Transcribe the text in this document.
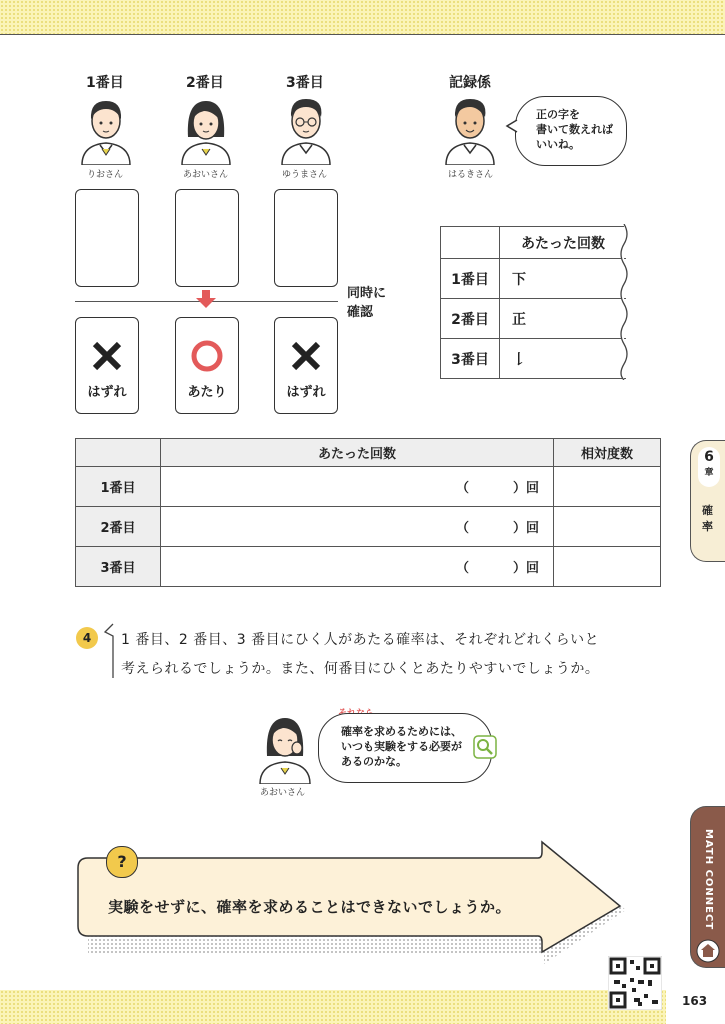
1番目	2番目	3番目	記録係
りおさん	あおいさん	ゆうまさん	はるきさん
正の字を
書いて数えれば
いいね。
同時に
確認
はずれ	あたり	はずれ
	あたった回数
1番目	下
2番目	正
3番目	𠄌
	あたった回数	相対度数
1番目	（ ）回	
2番目	（ ）回	
3番目	（ ）回	
4	1 番目、2 番目、3 番目にひく人があたる確率は、それぞれどれくらいと
考えられるでしょうか。また、何番目にひくとあたりやすいでしょうか。
あおいさん
確率を求めるためには、
いつも実験をする必要が
あるのかな。
?
実験をせずに、確率を求めることはできないでしょうか。
6
章
確
率
MATH CONNECT
163
